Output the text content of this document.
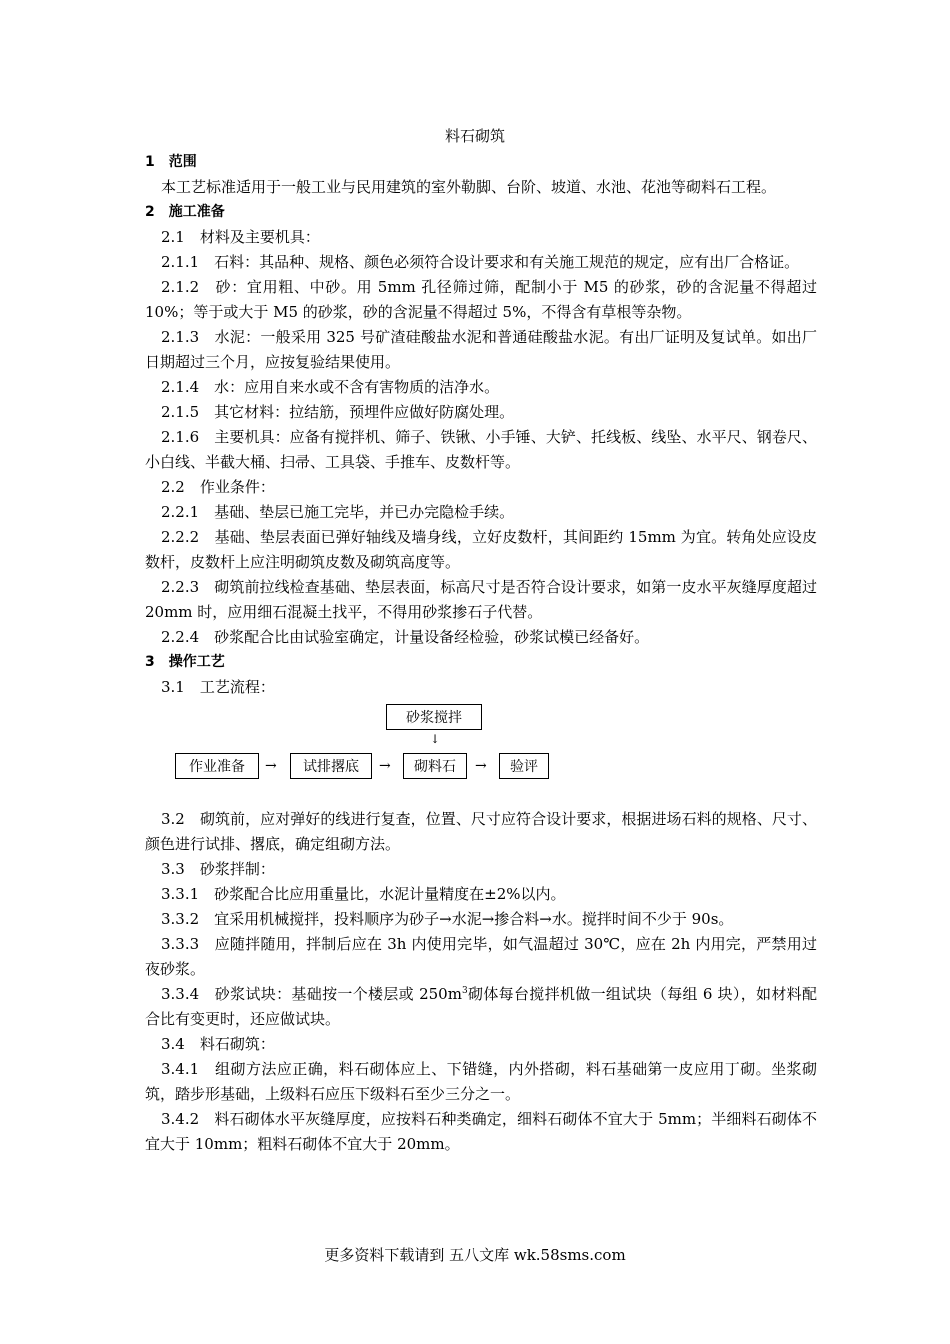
料石砌筑

1　范围

本工艺标准适用于一般工业与民用建筑的室外勒脚、台阶、坡道、水池、花池等砌料石工程。

2　施工准备

2.1　材料及主要机具：

2.1.1　石料：其品种、规格、颜色必须符合设计要求和有关施工规范的规定，应有出厂合格证。

2.1.2　砂：宜用粗、中砂。用 5mm 孔径筛过筛，配制小于 M5 的砂浆，砂的含泥量不得超过 10%；等于或大于 M5 的砂浆，砂的含泥量不得超过 5%，不得含有草根等杂物。

2.1.3　水泥：一般采用 325 号矿渣硅酸盐水泥和普通硅酸盐水泥。有出厂证明及复试单。如出厂日期超过三个月，应按复验结果使用。

2.1.4　水：应用自来水或不含有害物质的洁净水。

2.1.5　其它材料：拉结筋，预埋件应做好防腐处理。

2.1.6　主要机具：应备有搅拌机、筛子、铁锹、小手锤、大铲、托线板、线坠、水平尺、钢卷尺、小白线、半截大桶、扫帚、工具袋、手推车、皮数杆等。

2.2　作业条件：

2.2.1　基础、垫层已施工完毕，并已办完隐检手续。

2.2.2　基础、垫层表面已弹好轴线及墙身线，立好皮数杆，其间距约 15mm 为宜。转角处应设皮数杆，皮数杆上应注明砌筑皮数及砌筑高度等。

2.2.3　砌筑前拉线检查基础、垫层表面，标高尺寸是否符合设计要求，如第一皮水平灰缝厚度超过 20mm 时，应用细石混凝土找平，不得用砂浆掺石子代替。

2.2.4　砂浆配合比由试验室确定，计量设备经检验，砂浆试模已经备好。

3　操作工艺

3.1　工艺流程：

砂浆搅拌
↓
作业准备	→	试排撂底	→	砌料石	→	验评

3.2　砌筑前，应对弹好的线进行复查，位置、尺寸应符合设计要求，根据进场石料的规格、尺寸、颜色进行试排、撂底，确定组砌方法。

3.3　砂浆拌制：

3.3.1　砂浆配合比应用重量比，水泥计量精度在±2%以内。

3.3.2　宜采用机械搅拌，投料顺序为砂子→水泥→掺合料→水。搅拌时间不少于 90s。

3.3.3　应随拌随用，拌制后应在 3h 内使用完毕，如气温超过 30℃，应在 2h 内用完，严禁用过夜砂浆。

3.3.4　砂浆试块：基础按一个楼层或 $250m^3$砌体每台搅拌机做一组试块（每组 6 块），如材料配合比有变更时，还应做试块。

3.4　料石砌筑：

3.4.1　组砌方法应正确，料石砌体应上、下错缝，内外搭砌，料石基础第一皮应用丁砌。坐浆砌筑，踏步形基础，上级料石应压下级料石至少三分之一。

3.4.2　料石砌体水平灰缝厚度，应按料石种类确定，细料石砌体不宜大于 5mm；半细料石砌体不宜大于 10mm；粗料石砌体不宜大于 20mm。

更多资料下载请到 五八文库 wk.58sms.com
